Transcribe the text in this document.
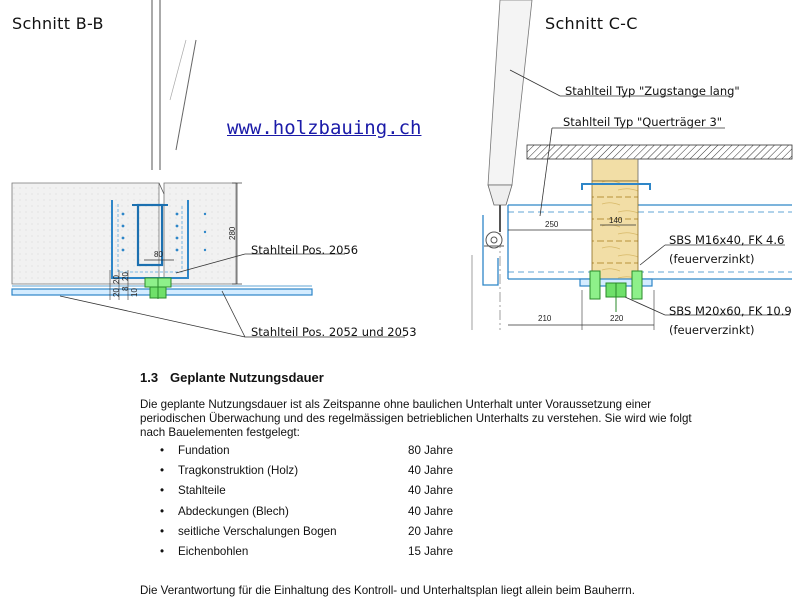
Schnitt B-B	Schnitt C-C
www.holzbauing.ch
Stahlteil Pos. 2056
Stahlteil Pos. 2052 und 2053
Stahlteil Typ "Zugstange lang"
Stahlteil Typ "Querträger 3"
SBS M16x40, FK 4.6
(feuerverzinkt)
SBS M20x60, FK 10.9
(feuerverzinkt)
80
280
20
20
8 10
20
250	140
210	220
1.3 Geplante Nutzungsdauer
Die geplante Nutzungsdauer ist als Zeitspanne ohne baulichen Unterhalt unter Voraussetzung einer periodischen Überwachung und des regelmässigen betrieblichen Unterhalts zu verstehen. Sie wird wie folgt nach Bauelementen festgelegt:
•	Fundation	80 Jahre
•	Tragkonstruktion (Holz)	40 Jahre
•	Stahlteile	40 Jahre
•	Abdeckungen (Blech)	40 Jahre
•	seitliche Verschalungen Bogen	20 Jahre
•	Eichenbohlen	15 Jahre
Die Verantwortung für die Einhaltung des Kontroll- und Unterhaltsplan liegt allein beim Bauherrn.
